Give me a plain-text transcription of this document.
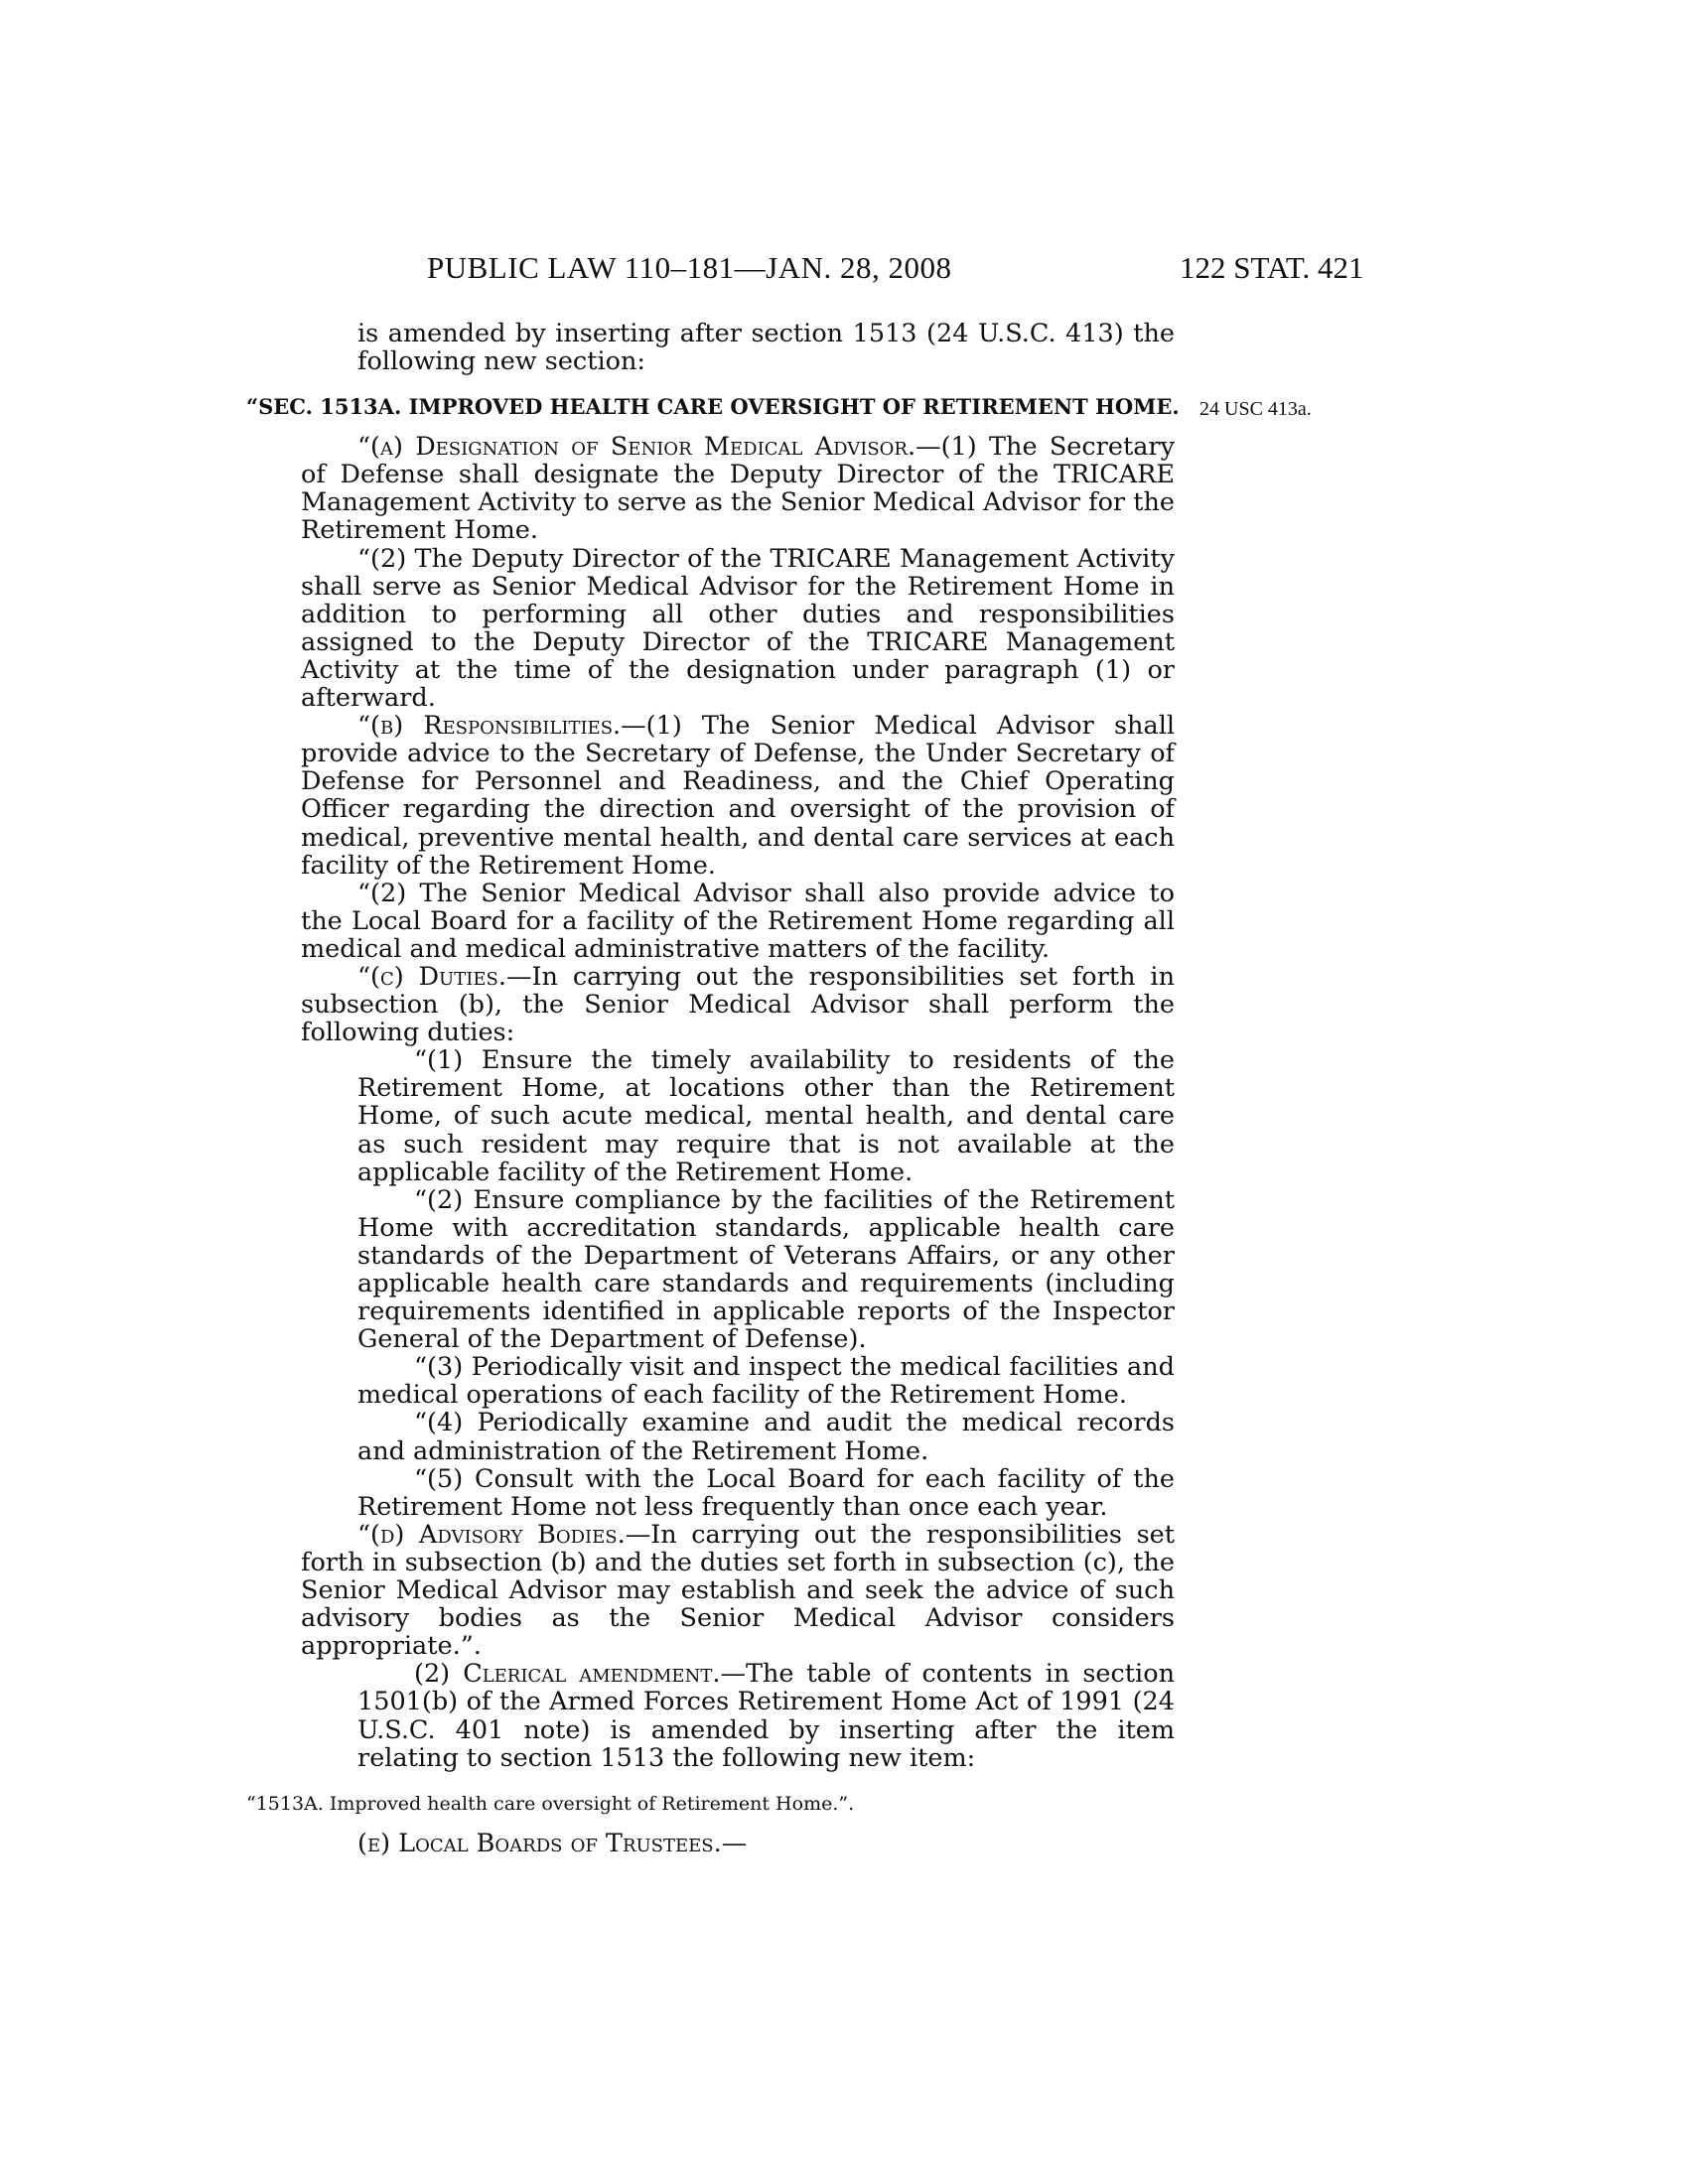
PUBLIC LAW 110–181—JAN. 28, 2008	122 STAT. 421
24 USC 413a.

is amended by inserting after section 1513 (24 U.S.C. 413) the following new section:

“SEC. 1513A. IMPROVED HEALTH CARE OVERSIGHT OF RETIREMENT HOME.

“(a) Designation of Senior Medical Advisor.—(1) The Secretary of Defense shall designate the Deputy Director of the TRICARE Management Activity to serve as the Senior Medical Advisor for the Retirement Home.

“(2) The Deputy Director of the TRICARE Management Activity shall serve as Senior Medical Advisor for the Retirement Home in addition to performing all other duties and responsibilities assigned to the Deputy Director of the TRICARE Management Activity at the time of the designation under paragraph (1) or afterward.

“(b) Responsibilities.—(1) The Senior Medical Advisor shall provide advice to the Secretary of Defense, the Under Secretary of Defense for Personnel and Readiness, and the Chief Operating Officer regarding the direction and oversight of the provision of medical, preventive mental health, and dental care services at each facility of the Retirement Home.

“(2) The Senior Medical Advisor shall also provide advice to the Local Board for a facility of the Retirement Home regarding all medical and medical administrative matters of the facility.

“(c) Duties.—In carrying out the responsibilities set forth in subsection (b), the Senior Medical Advisor shall perform the following duties:

“(1) Ensure the timely availability to residents of the Retirement Home, at locations other than the Retirement Home, of such acute medical, mental health, and dental care as such resident may require that is not available at the applicable facility of the Retirement Home.

“(2) Ensure compliance by the facilities of the Retirement Home with accreditation standards, applicable health care standards of the Department of Veterans Affairs, or any other applicable health care standards and requirements (including requirements identified in applicable reports of the Inspector General of the Department of Defense).

“(3) Periodically visit and inspect the medical facilities and medical operations of each facility of the Retirement Home.

“(4) Periodically examine and audit the medical records and administration of the Retirement Home.

“(5) Consult with the Local Board for each facility of the Retirement Home not less frequently than once each year.

“(d) Advisory Bodies.—In carrying out the responsibilities set forth in subsection (b) and the duties set forth in subsection (c), the Senior Medical Advisor may establish and seek the advice of such advisory bodies as the Senior Medical Advisor considers appropriate.”.

(2) Clerical amendment.—The table of contents in section 1501(b) of the Armed Forces Retirement Home Act of 1991 (24 U.S.C. 401 note) is amended by inserting after the item relating to section 1513 the following new item:

“1513A. Improved health care oversight of Retirement Home.”.

(e) Local Boards of Trustees.—
